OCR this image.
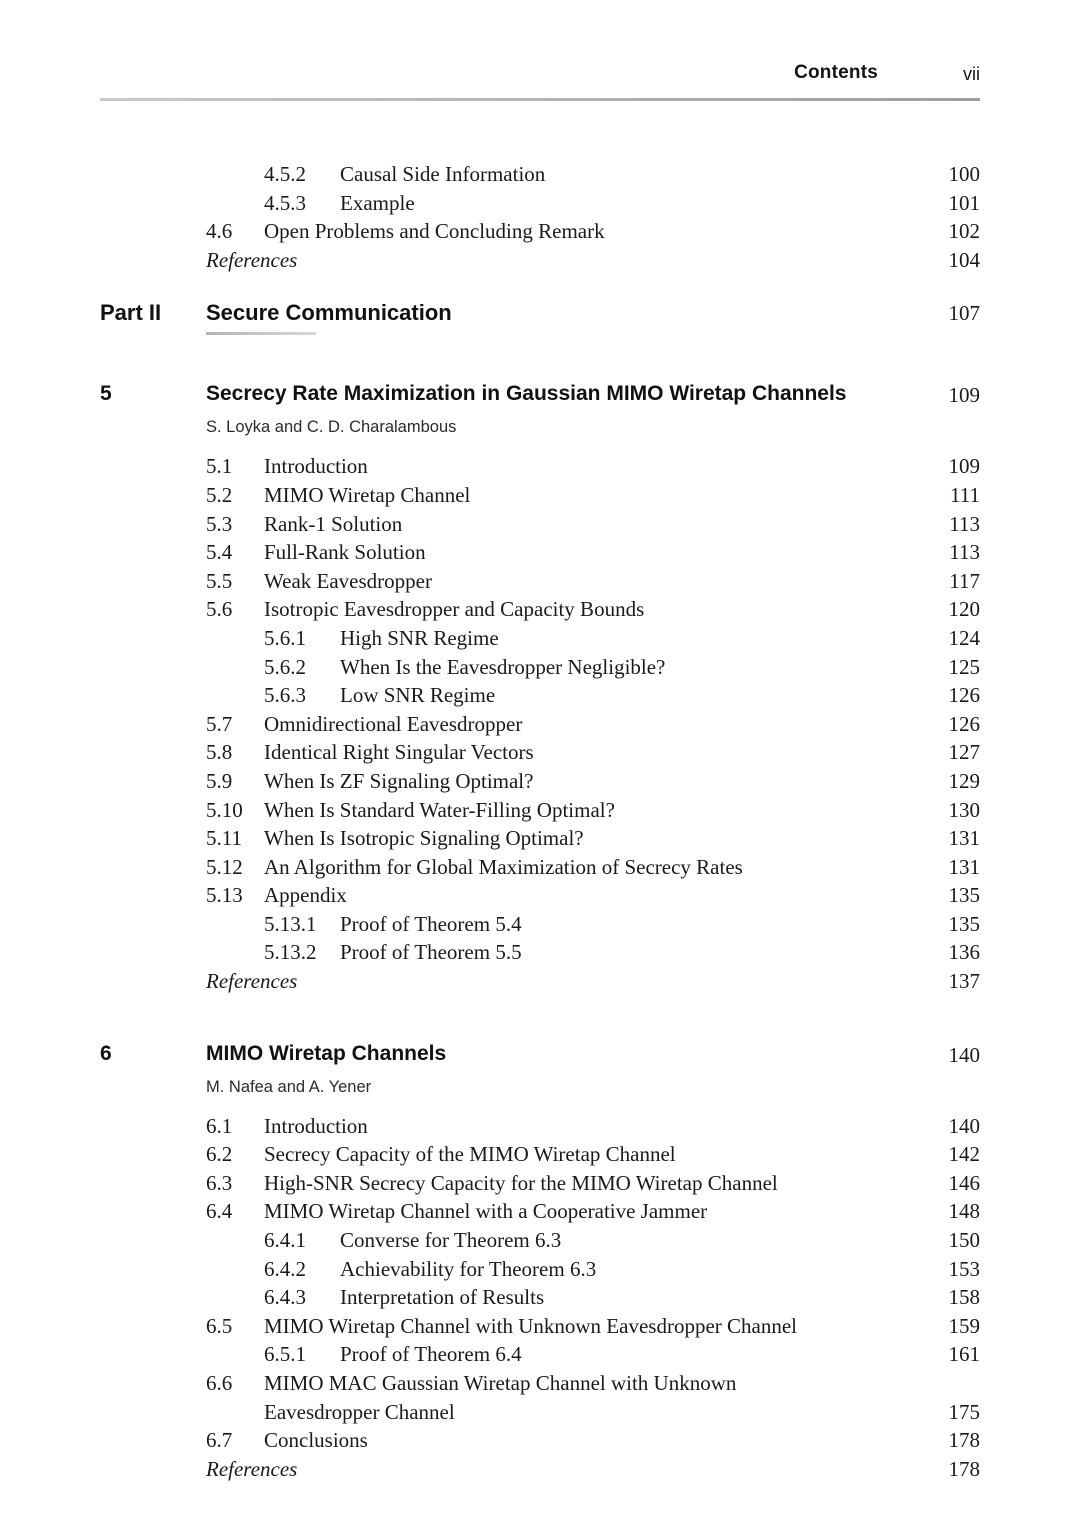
Contents	vii
4.5.2 Causal Side Information	100
4.5.3 Example	101
4.6 Open Problems and Concluding Remark	102
References	104
Part II Secure Communication	107
5	Secrecy Rate Maximization in Gaussian MIMO Wiretap Channels	109
S. Loyka and C. D. Charalambous
5.1 Introduction	109
5.2 MIMO Wiretap Channel	111
5.3 Rank-1 Solution	113
5.4 Full-Rank Solution	113
5.5 Weak Eavesdropper	117
5.6 Isotropic Eavesdropper and Capacity Bounds	120
5.6.1 High SNR Regime	124
5.6.2 When Is the Eavesdropper Negligible?	125
5.6.3 Low SNR Regime	126
5.7 Omnidirectional Eavesdropper	126
5.8 Identical Right Singular Vectors	127
5.9 When Is ZF Signaling Optimal?	129
5.10 When Is Standard Water-Filling Optimal?	130
5.11 When Is Isotropic Signaling Optimal?	131
5.12 An Algorithm for Global Maximization of Secrecy Rates	131
5.13 Appendix	135
5.13.1 Proof of Theorem 5.4	135
5.13.2 Proof of Theorem 5.5	136
References	137
6	MIMO Wiretap Channels	140
M. Nafea and A. Yener
6.1 Introduction	140
6.2 Secrecy Capacity of the MIMO Wiretap Channel	142
6.3 High-SNR Secrecy Capacity for the MIMO Wiretap Channel	146
6.4 MIMO Wiretap Channel with a Cooperative Jammer	148
6.4.1 Converse for Theorem 6.3	150
6.4.2 Achievability for Theorem 6.3	153
6.4.3 Interpretation of Results	158
6.5 MIMO Wiretap Channel with Unknown Eavesdropper Channel	159
6.5.1 Proof of Theorem 6.4	161
6.6 MIMO MAC Gaussian Wiretap Channel with Unknown
Eavesdropper Channel	175
6.7 Conclusions	178
References	178
